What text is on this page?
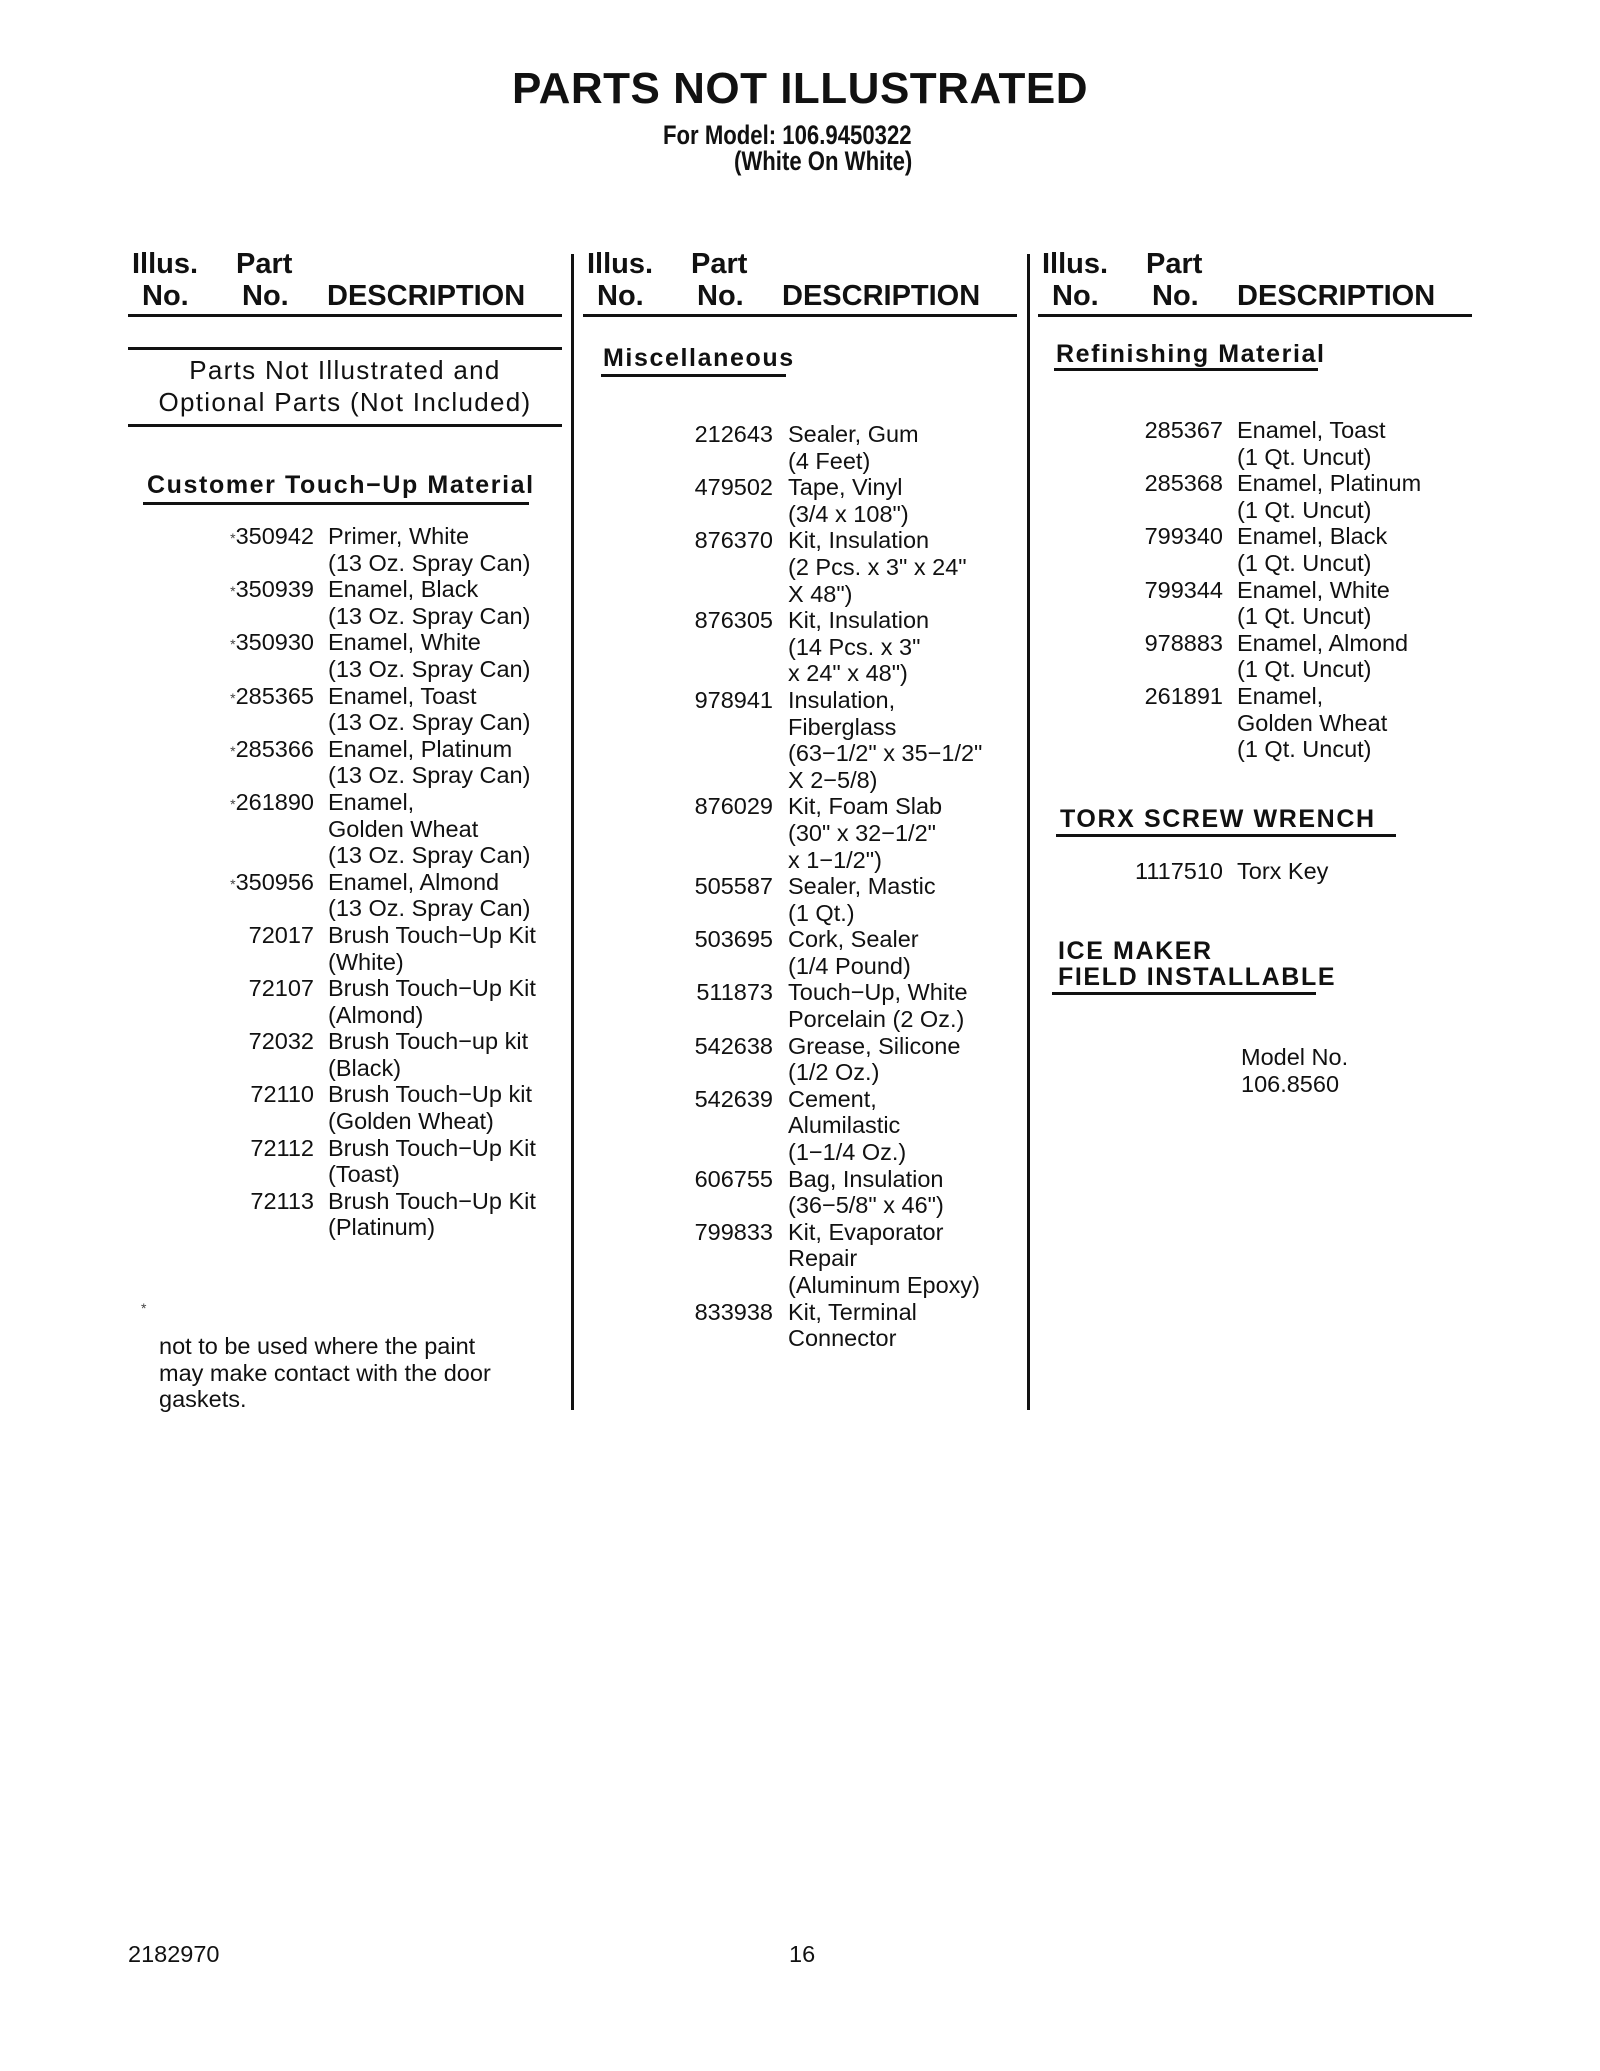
PARTS NOT ILLUSTRATED
For Model: 106.9450322
(White On White)
Illus.
No.
Part
No. DESCRIPTION
Illus.
No.
Part
No. DESCRIPTION
Illus.
No.
Part
No. DESCRIPTION
Parts Not Illustrated and
Optional Parts (Not Included)
Customer Touch−Up Material
*350942 Primer, White
(13 Oz. Spray Can)
*350939 Enamel, Black
(13 Oz. Spray Can)
*350930 Enamel, White
(13 Oz. Spray Can)
*285365 Enamel, Toast
(13 Oz. Spray Can)
*285366 Enamel, Platinum
(13 Oz. Spray Can)
*261890 Enamel,
Golden Wheat
(13 Oz. Spray Can)
*350956 Enamel, Almond
(13 Oz. Spray Can)
72017 Brush Touch−Up Kit
(White)
72107 Brush Touch−Up Kit
(Almond)
72032 Brush Touch−up kit
(Black)
72110 Brush Touch−Up kit
(Golden Wheat)
72112 Brush Touch−Up Kit
(Toast)
72113 Brush Touch−Up Kit
(Platinum)
*
not to be used where the paint
may make contact with the door
gaskets.
Miscellaneous
212643 Sealer, Gum
(4 Feet)
479502 Tape, Vinyl
(3/4 x 108")
876370 Kit, Insulation
(2 Pcs. x 3" x 24"
X 48")
876305 Kit, Insulation
(14 Pcs. x 3"
x 24" x 48")
978941 Insulation,
Fiberglass
(63−1/2" x 35−1/2"
X 2−5/8)
876029 Kit, Foam Slab
(30" x 32−1/2"
x 1−1/2")
505587 Sealer, Mastic
(1 Qt.)
503695 Cork, Sealer
(1/4 Pound)
511873 Touch−Up, White
Porcelain (2 Oz.)
542638 Grease, Silicone
(1/2 Oz.)
542639 Cement,
Alumilastic
(1−1/4 Oz.)
606755 Bag, Insulation
(36−5/8" x 46")
799833 Kit, Evaporator
Repair
(Aluminum Epoxy)
833938 Kit, Terminal
Connector
Refinishing Material
285367 Enamel, Toast
(1 Qt. Uncut)
285368 Enamel, Platinum
(1 Qt. Uncut)
799340 Enamel, Black
(1 Qt. Uncut)
799344 Enamel, White
(1 Qt. Uncut)
978883 Enamel, Almond
(1 Qt. Uncut)
261891 Enamel,
Golden Wheat
(1 Qt. Uncut)
TORX SCREW WRENCH
1117510 Torx Key
ICE MAKER
FIELD INSTALLABLE
Model No.
106.8560
2182970	16
